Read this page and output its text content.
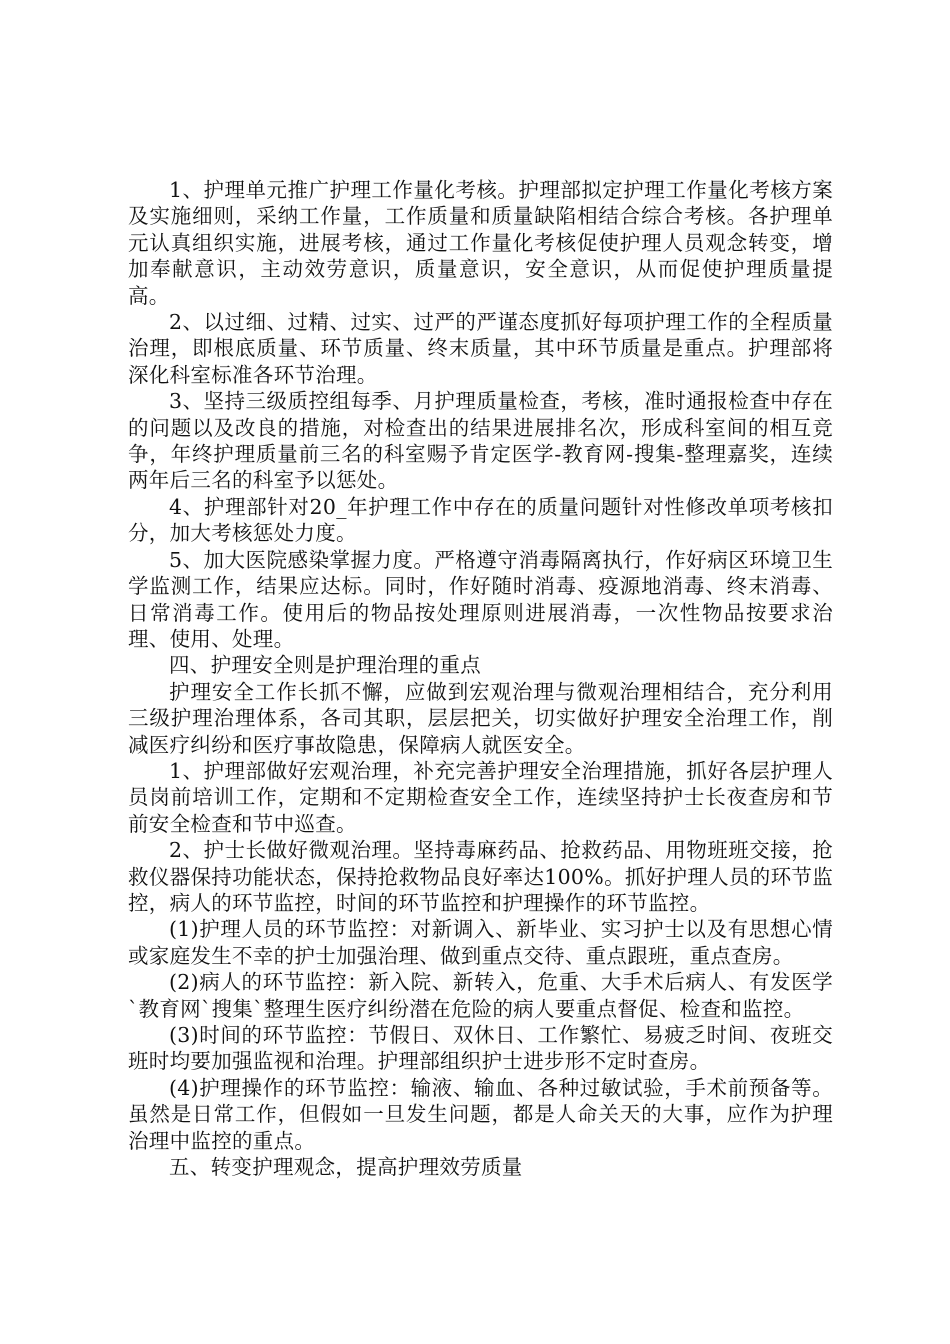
1、护理单元推广护理工作量化考核。护理部拟定护理工作量化考核方案及实施细则，采纳工作量，工作质量和质量缺陷相结合综合考核。各护理单元认真组织实施，进展考核，通过工作量化考核促使护理人员观念转变，增加奉献意识，主动效劳意识，质量意识，安全意识，从而促使护理质量提高。

2、以过细、过精、过实、过严的严谨态度抓好每项护理工作的全程质量治理，即根底质量、环节质量、终末质量，其中环节质量是重点。护理部将深化科室标准各环节治理。

3、坚持三级质控组每季、月护理质量检查，考核，准时通报检查中存在的问题以及改良的措施，对检查出的结果进展排名次，形成科室间的相互竞争，年终护理质量前三名的科室赐予肯定医学-教育网-搜集-整理嘉奖，连续两年后三名的科室予以惩处。

4、护理部针对20_年护理工作中存在的质量问题针对性修改单项考核扣分，加大考核惩处力度。

5、加大医院感染掌握力度。严格遵守消毒隔离执行，作好病区环境卫生学监测工作，结果应达标。同时，作好随时消毒、疫源地消毒、终末消毒、日常消毒工作。使用后的物品按处理原则进展消毒，一次性物品按要求治理、使用、处理。

四、护理安全则是护理治理的重点

护理安全工作长抓不懈，应做到宏观治理与微观治理相结合，充分利用三级护理治理体系，各司其职，层层把关，切实做好护理安全治理工作，削减医疗纠纷和医疗事故隐患，保障病人就医安全。

1、护理部做好宏观治理，补充完善护理安全治理措施，抓好各层护理人员岗前培训工作，定期和不定期检查安全工作，连续坚持护士长夜查房和节前安全检查和节中巡查。

2、护士长做好微观治理。坚持毒麻药品、抢救药品、用物班班交接，抢救仪器保持功能状态，保持抢救物品良好率达100%。抓好护理人员的环节监控，病人的环节监控，时间的环节监控和护理操作的环节监控。

(1)护理人员的环节监控：对新调入、新毕业、实习护士以及有思想心情或家庭发生不幸的护士加强治理、做到重点交待、重点跟班，重点查房。

(2)病人的环节监控：新入院、新转入，危重、大手术后病人、有发医学`教育网`搜集`整理生医疗纠纷潜在危险的病人要重点督促、检查和监控。

(3)时间的环节监控：节假日、双休日、工作繁忙、易疲乏时间、夜班交班时均要加强监视和治理。护理部组织护士进步形不定时查房。

(4)护理操作的环节监控：输液、输血、各种过敏试验，手术前预备等。虽然是日常工作，但假如一旦发生问题，都是人命关天的大事，应作为护理治理中监控的重点。

五、转变护理观念，提高护理效劳质量
